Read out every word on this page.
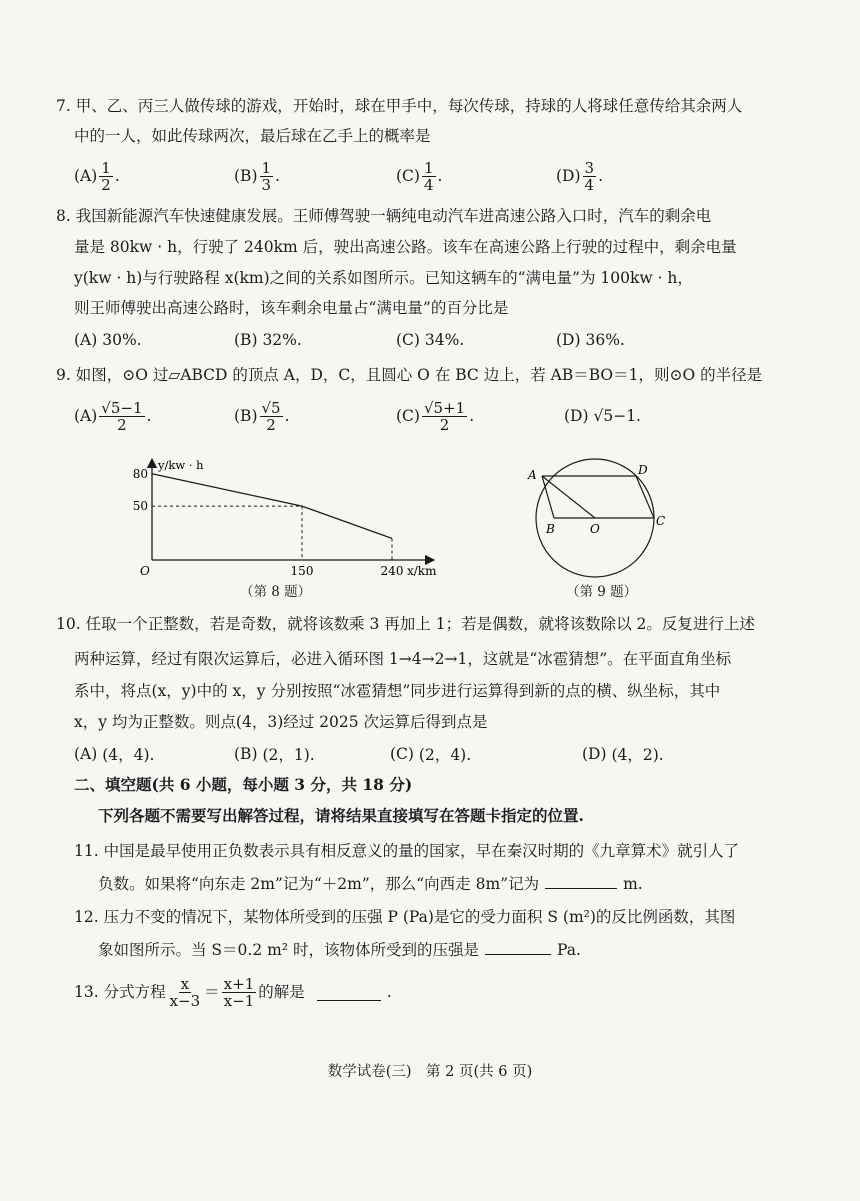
7. 甲、乙、丙三人做传球的游戏，开始时，球在甲手中，每次传球，持球的人将球任意传给其余两人
中的一人，如此传球两次，最后球在乙手上的概率是
$(A) \frac{1}{2}$ .	$(B) \frac{1}{3}$ .	$(C) \frac{1}{4}$ .	$(D) \frac{3}{4}$ .
8. 我国新能源汽车快速健康发展。王师傅驾驶一辆纯电动汽车进高速公路入口时，汽车的剩余电
量是 80kw · h，行驶了 240km 后，驶出高速公路。该车在高速公路上行驶的过程中，剩余电量
y(kw · h)与行驶路程 x(km)之间的关系如图所示。已知这辆车的“满电量”为 100kw · h，
则王师傅驶出高速公路时，该车剩余电量占“满电量”的百分比是
(A)
30%.	(B)
32%.	(C)
34%.	(D)
36%.
9. 如图，⊙O 过▱ABCD 的顶点 A，D，C，且圆心 O 在 BC 边上，若 AB＝BO＝1，则⊙O 的半径是
$(A) \frac{√5-1}{2}$ .	$(B) \frac{√5}{2}$ .	$(C) \frac{√5+1}{2}$ .	(D)
√5−1.
y/kw · h
x/km
O
80
50
150	240
（第 8 题）
A	D
B	O
C
（第 9 题）
10. 任取一个正整数，若是奇数，就将该数乘 3 再加上 1；若是偶数，就将该数除以 2。反复进行上述
两种运算，经过有限次运算后，必进入循环图 1→4→2→1，这就是“冰雹猜想”。在平面直角坐标
系中，将点(x，y)中的 x，y 分别按照“冰雹猜想”同步进行运算得到新的点的横、纵坐标，其中
x，y 均为正整数。则点(4，3)经过 2025 次运算后得到点是
(A)
(4，4).	(B)
(2，1).	(C)
(2，4).	(D)
(4，2).
二、填空题(共 6 小题，每小题 3 分，共 18 分)
下列各题不需要写出解答过程，请将结果直接填写在答题卡指定的位置.
11. 中国是最早使用正负数表示具有相反意义的量的国家，早在秦汉时期的《九章算术》就引人了
负数。如果将“向东走 2m”记为“＋2m”，那么“向西走 8m”记为	m.
12. 压力不变的情况下，某物体所受到的压强 P (Pa)是它的受力面积 S (m²)的反比例函数，其图
象如图所示。当 S＝0.2 m² 时，该物体所受到的压强是	Pa.
13. 分式方程 $\frac{x}{x-3} = \frac{x+1}{x-1}$ 的解是	.
数学试卷(三)　第 2 页(共 6 页)
